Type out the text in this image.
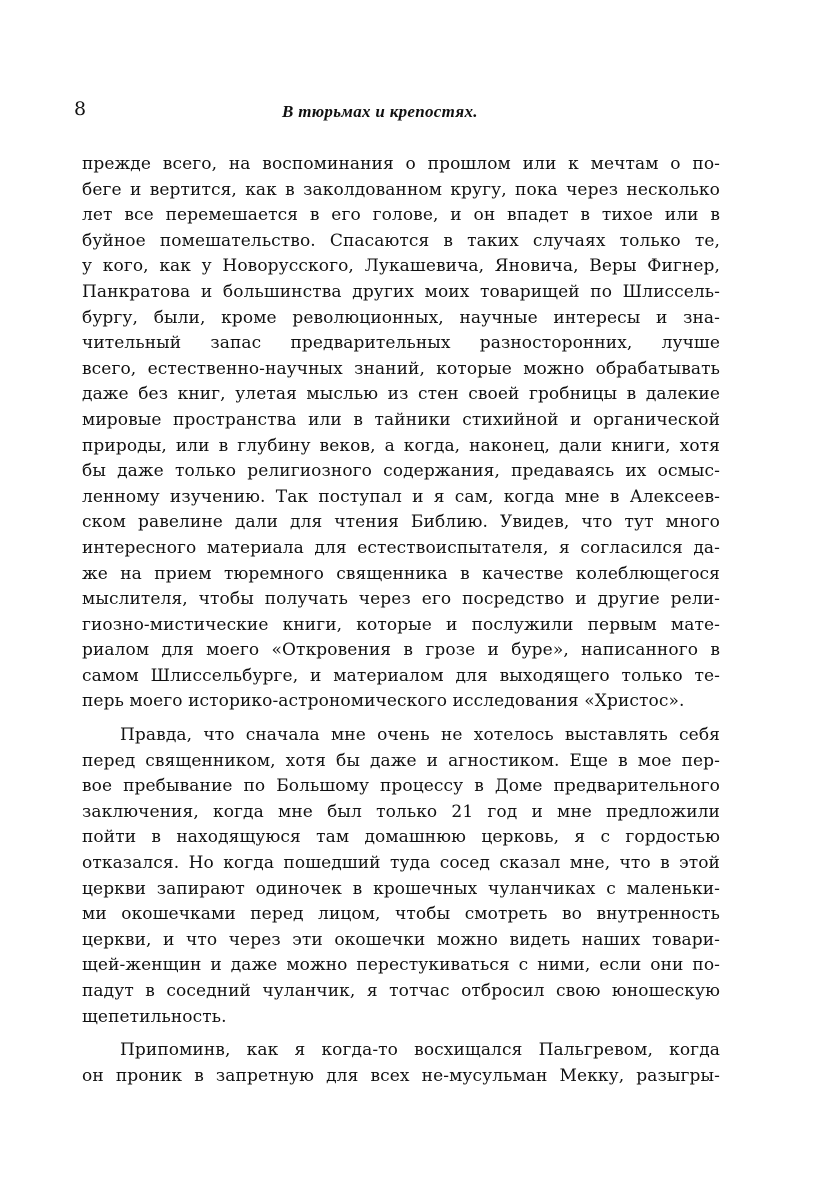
8	В тюрьмах и крепостях.
прежде всего, на воспоминания о прошлом или к мечтам о по-
беге и вертится, как в заколдованном кругу, пока через несколько
лет все перемешается в его голове, и он впадет в тихое или в
буйное помешательство. Спасаются в таких случаях только те,
у кого, как у Новорусского, Лукашевича, Яновича, Веры Фигнер,
Панкратова и большинства других моих товарищей по Шлиссель-
бургу, были, кроме революционных, научные интересы и зна-
чительный запас предварительных разносторонних, лучше
всего, естественно-научных знаний, которые можно обрабатывать
даже без книг, улетая мыслью из стен своей гробницы в далекие
мировые пространства или в тайники стихийной и органической
природы, или в глубину веков, а когда, наконец, дали книги, хотя
бы даже только религиозного содержания, предаваясь их осмыс-
ленному изучению. Так поступал и я сам, когда мне в Алексеев-
ском равелине дали для чтения Библию. Увидев, что тут много
интересного материала для естествоиспытателя, я согласился да-
же на прием тюремного священника в качестве колеблющегося
мыслителя, чтобы получать через его посредство и другие рели-
гиозно-мистические книги, которые и послужили первым мате-
риалом для моего «Откровения в грозе и буре», написанного в
самом Шлиссельбурге, и материалом для выходящего только те-
перь моего историко-астрономического исследования «Христос».
Правда, что сначала мне очень не хотелось выставлять себя
перед священником, хотя бы даже и агностиком. Еще в мое пер-
вое пребывание по Большому процессу в Доме предварительного
заключения, когда мне был только 21 год и мне предложили
пойти в находящуюся там домашнюю церковь, я с гордостью
отказался. Но когда пошедший туда сосед сказал мне, что в этой
церкви запирают одиночек в крошечных чуланчиках с маленьки-
ми окошечками перед лицом, чтобы смотреть во внутренность
церкви, и что через эти окошечки можно видеть наших товари-
щей-женщин и даже можно перестукиваться с ними, если они по-
падут в соседний чуланчик, я тотчас отбросил свою юношескую
щепетильность.
Припоминв, как я когда-то восхищался Пальгревом, когда
он проник в запретную для всех не-мусульман Мекку, разыгры-
